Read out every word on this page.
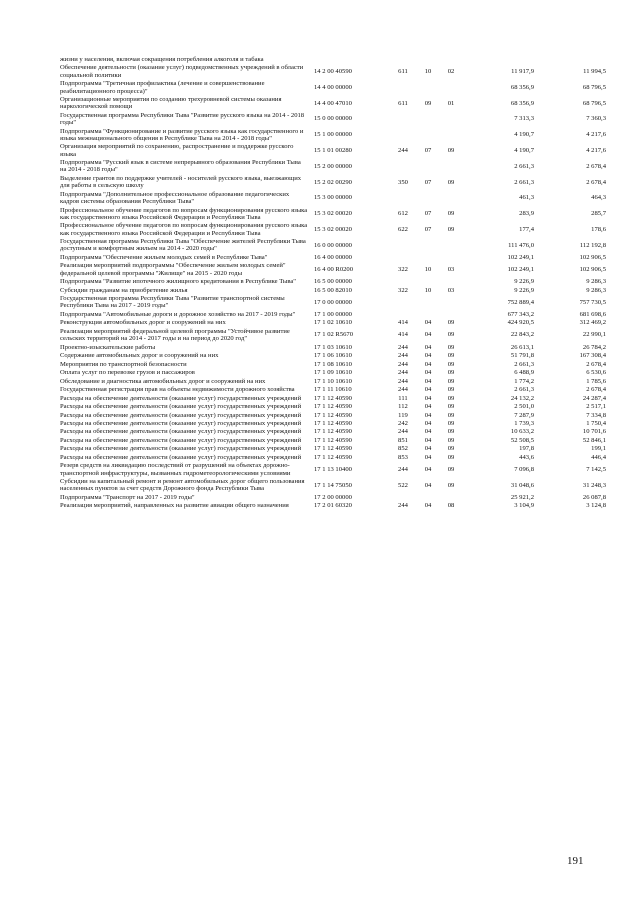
жизни у населения, включая сокращения потребления алкоголя и табака						
Обеспечение деятельности (оказание услуг) подведомственных учреждений в области социальной политики	14 2 00 40590	611	10	02	11 917,9	11 994,5
Подпрограмма "Третичная профилактика (лечение и совершенствование реабилитационного процесса)"	14 4 00 00000				68 356,9	68 796,5
Организационные мероприятия по созданию трехуровневой системы оказания наркологической помощи	14 4 00 47010	611	09	01	68 356,9	68 796,5
Государственная программа Республики Тыва "Развитие русского языка на 2014 - 2018 годы"	15 0 00 00000				7 313,3	7 360,3
Подпрограмма "Функционирование и развитие русского языка как государственного и языка межнационального общения в Республике Тыва на 2014 - 2018 годы"	15 1 00 00000				4 190,7	4 217,6
Организация мероприятий по сохранению, распространение и поддержке русского языка	15 1 01 00280	244	07	09	4 190,7	4 217,6
Подпрограмма "Русский язык в системе непрерывного образования Республики Тыва на 2014 - 2018 годы"	15 2 00 00000				2 661,3	2 678,4
Выделение грантов по поддержке учителей - носителей русского языка, выезжающих для работы в сельскую школу	15 2 02 00290	350	07	09	2 661,3	2 678,4
Подпрограмма "Дополнительное профессиональное образование педагогических кадров системы образования Республики Тыва"	15 3 00 00000				461,3	464,3
Профессиональное обучение педагогов по вопросам функционирования русского языка как государственного языка Российской Федерации и Республики Тыва	15 3 02 00020	612	07	09	283,9	285,7
Профессиональное обучение педагогов по вопросам функционирования русского языка как государственного языка Российской Федерации и Республики Тыва	15 3 02 00020	622	07	09	177,4	178,6
Государственная программа Республики Тыва "Обеспечение жителей Республики Тыва доступным и комфортным жильем на 2014 - 2020 годы"	16 0 00 00000				111 476,0	112 192,8
Подпрограмма "Обеспечение жильем молодых семей в Республике Тыва"	16 4 00 00000				102 249,1	102 906,5
Реализация мероприятий подпрограммы "Обеспечение жильем молодых семей" федеральной целевой программы "Жилище" на 2015 - 2020 годы	16 4 00 R0200	322	10	03	102 249,1	102 906,5
Подпрограмма "Развитие ипотечного жилищного кредитования в Республике Тыва"	16 5 00 00000				9 226,9	9 286,3
Субсидии гражданам на приобретение жилья	16 5 00 82010	322	10	03	9 226,9	9 286,3
Государственная программа Республики Тыва "Развитие транспортной системы Республики Тыва на 2017 - 2019 годы"	17 0 00 00000				752 889,4	757 730,5
Подпрограмма "Автомобильные дороги и дорожное хозяйство на 2017 - 2019 годы"	17 1 00 00000				677 343,2	681 698,6
Реконструкция автомобильных дорог и сооружений на них	17 1 02 10610	414	04	09	424 920,5	312 469,2
Реализация мероприятий федеральной целевой программы "Устойчивое развитие сельских территорий на 2014 - 2017 годы и на период до 2020 год"	17 1 02 R5670	414	04	09	22 843,2	22 990,1
Проектно-изыскательские работы	17 1 03 10610	244	04	09	26 613,1	26 784,2
Содержание автомобильных дорог и сооружений на них	17 1 06 10610	244	04	09	51 791,8	167 308,4
Мероприятия по транспортной безопасности	17 1 08 10610	244	04	09	2 661,3	2 678,4
Оплата услуг по перевозке грузов и пассажиров	17 1 09 10610	244	04	09	6 488,9	6 530,6
Обследование и диагностика автомобильных дорог и сооружений на них	17 1 10 10610	244	04	09	1 774,2	1 785,6
Государственная регистрация прав на объекты недвижимости дорожного хозяйства	17 1 11 10610	244	04	09	2 661,3	2 678,4
Расходы на обеспечение деятельности (оказание услуг) государственных учреждений	17 1 12 40590	111	04	09	24 132,2	24 287,4
Расходы на обеспечение деятельности (оказание услуг) государственных учреждений	17 1 12 40590	112	04	09	2 501,0	2 517,1
Расходы на обеспечение деятельности (оказание услуг) государственных учреждений	17 1 12 40590	119	04	09	7 287,9	7 334,8
Расходы на обеспечение деятельности (оказание услуг) государственных учреждений	17 1 12 40590	242	04	09	1 739,3	1 750,4
Расходы на обеспечение деятельности (оказание услуг) государственных учреждений	17 1 12 40590	244	04	09	10 633,2	10 701,6
Расходы на обеспечение деятельности (оказание услуг) государственных учреждений	17 1 12 40590	851	04	09	52 508,5	52 846,1
Расходы на обеспечение деятельности (оказание услуг) государственных учреждений	17 1 12 40590	852	04	09	197,8	199,1
Расходы на обеспечение деятельности (оказание услуг) государственных учреждений	17 1 12 40590	853	04	09	443,6	446,4
Резерв средств на ликвидацию последствий от разрушений на объектах дорожно-транспортной инфраструктуры, вызванных гидрометеорологическими условиями	17 1 13 10400	244	04	09	7 096,8	7 142,5
Субсидии на капитальный ремонт и ремонт автомобильных дорог общего пользования населенных пунктов за счет средств Дорожного фонда Республики Тыва	17 1 14 75050	522	04	09	31 048,6	31 248,3
Подпрограмма "Транспорт на 2017 - 2019 годы"	17 2 00 00000				25 921,2	26 087,8
Реализация мероприятий, направленных на развитие авиации общего назначения	17 2 01 60320	244	04	08	3 104,9	3 124,8
191
